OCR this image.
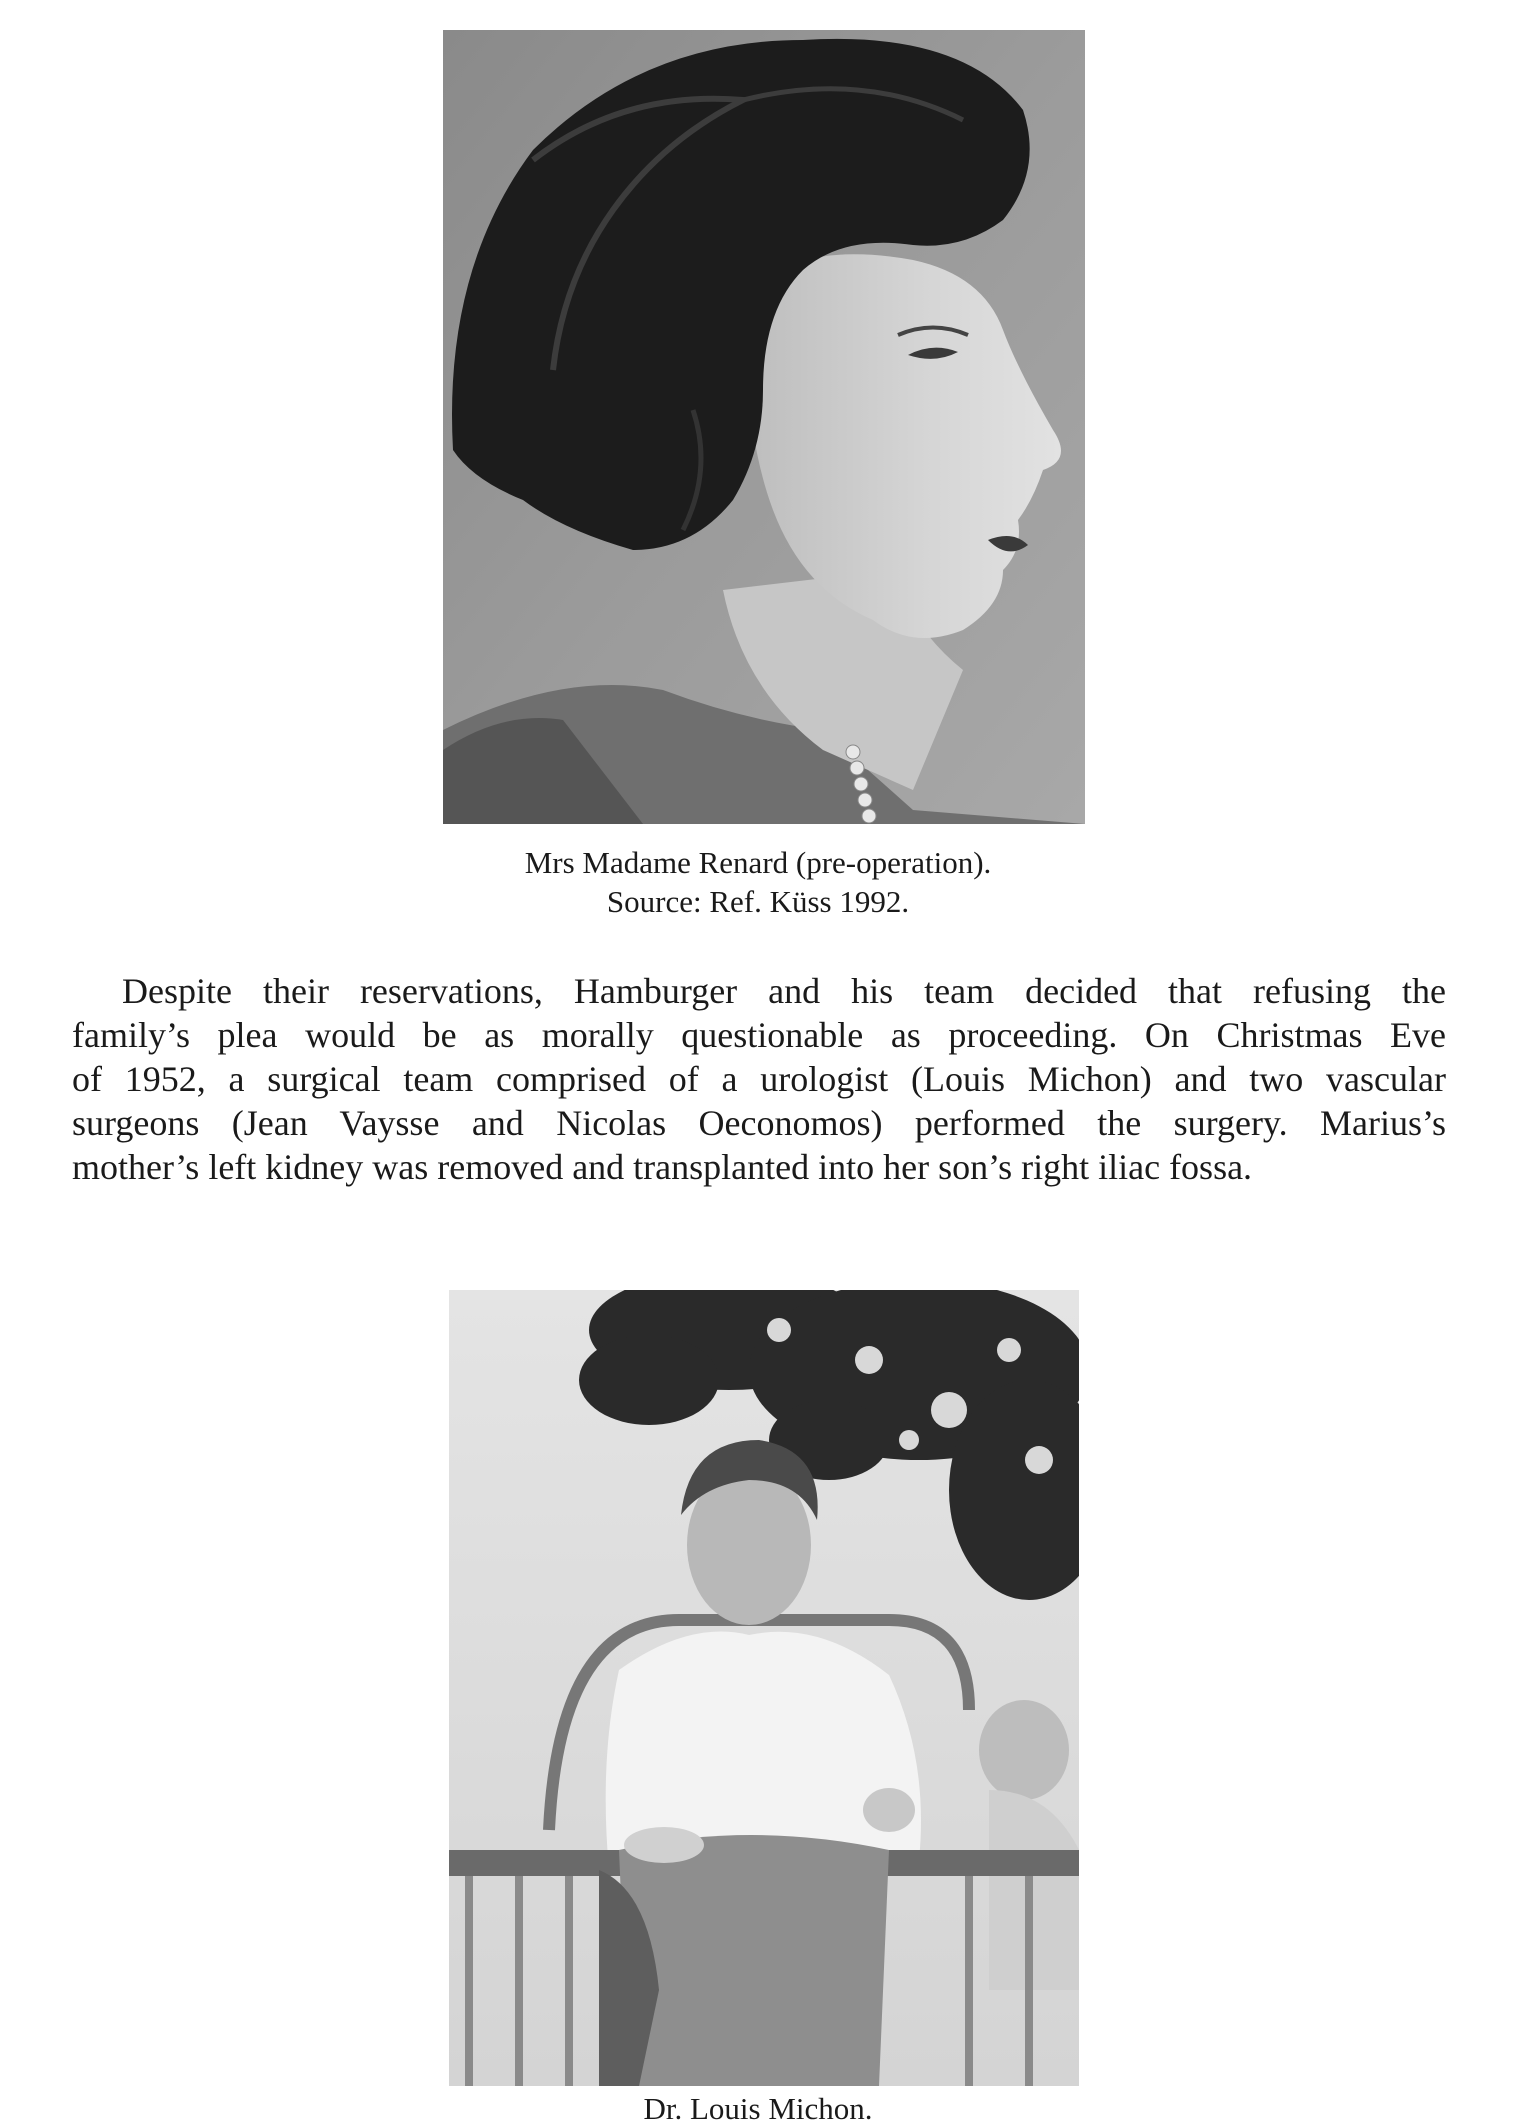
Mrs Madame Renard (pre-operation).
Source: Ref. Küss 1992.

Despite their reservations, Hamburger and his team decided that refusing the
family’s plea would be as morally questionable as proceeding. On Christmas Eve
of 1952, a surgical team comprised of a urologist (Louis Michon) and two vascular
surgeons (Jean Vaysse and Nicolas Oeconomos) performed the surgery. Marius’s
mother’s left kidney was removed and transplanted into her son’s right iliac fossa.

Dr. Louis Michon.
